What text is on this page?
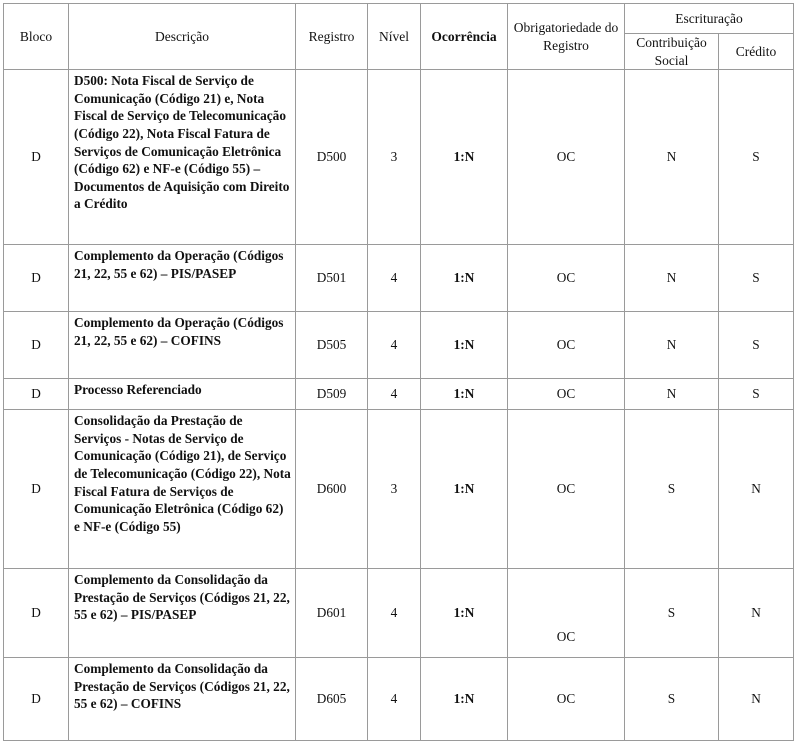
Bloco	Descrição	Registro	Nível	Ocorrência	Obrigatoriedade do Registro	Escrituração	
						Contribuição Social	Crédito
D	D500: Nota Fiscal de Serviço de Comunicação (Código 21) e, Nota Fiscal de Serviço de Telecomunicação (Código 22), Nota Fiscal Fatura de Serviços de Comunicação Eletrônica (Código 62) e NF-e (Código 55) – Documentos de Aquisição com Direito a Crédito	D500	3	1:N	OC	N	S
D	Complemento da Operação (Códigos 21, 22, 55 e 62) – PIS/PASEP	D501	4	1:N	OC	N	S
D	Complemento da Operação (Códigos 21, 22, 55 e 62) – COFINS	D505	4	1:N	OC	N	S
D	Processo Referenciado	D509	4	1:N	OC	N	S
D	Consolidação da Prestação de Serviços - Notas de Serviço de Comunicação (Código 21), de Serviço de Telecomunicação (Código 22), Nota Fiscal Fatura de Serviços de Comunicação Eletrônica (Código 62) e NF-e (Código 55)	D600	3	1:N	OC	S	N
D	Complemento da Consolidação da Prestação de Serviços (Códigos 21, 22, 55 e 62) – PIS/PASEP	D601	4	1:N	OC	S	N
D	Complemento da Consolidação da Prestação de Serviços (Códigos 21, 22, 55 e 62) – COFINS	D605	4	1:N	OC	S	N
